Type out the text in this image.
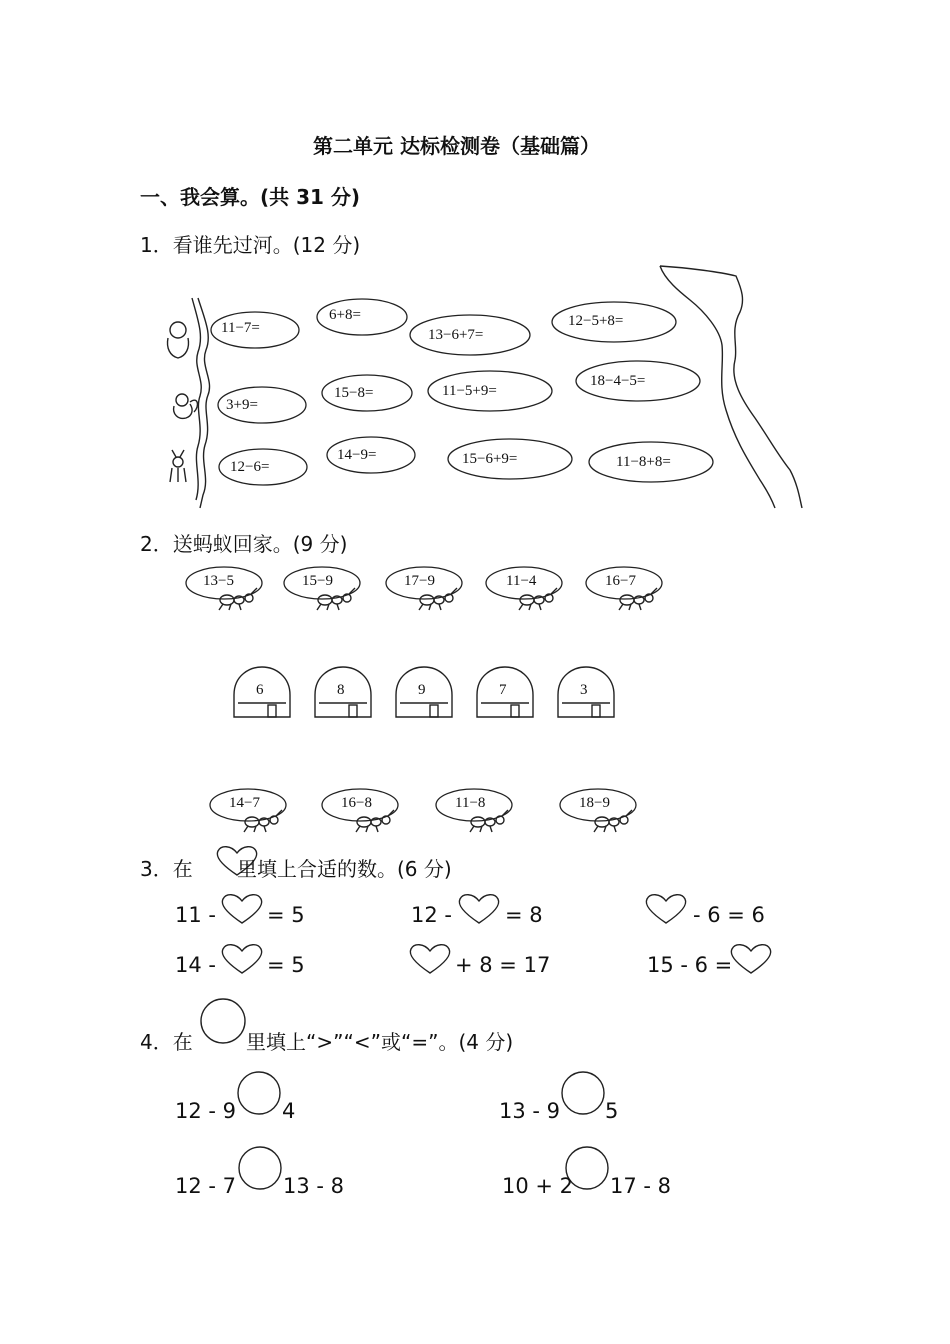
第二单元 达标检测卷（基础篇）
一、我会算。(共 31 分)
1．看谁先过河。(12 分)
11−7=
6+8=
13−6+7=
12−5+8=
3+9=
15−8=	11−5+9=
18−4−5=
12−6=
14−9=	15−6+9=	11−8+8=
2．送蚂蚁回家。(9 分)
13−5	15−9	17−9	11−4	16−7
6	8	9	7	3
14−7	16−8	11−8	18−9
3．在 里填上合适的数。(6 分)
11 - = 5	12 -	= 8	- 6 = 6
14 - = 5	+ 8 = 17	15 - 6 =
4．在	里填上“>”“<”或“=”。(4 分)
12 - 9 4	13 - 9 5
12 - 7 13 - 8	10 + 2 17 - 8
